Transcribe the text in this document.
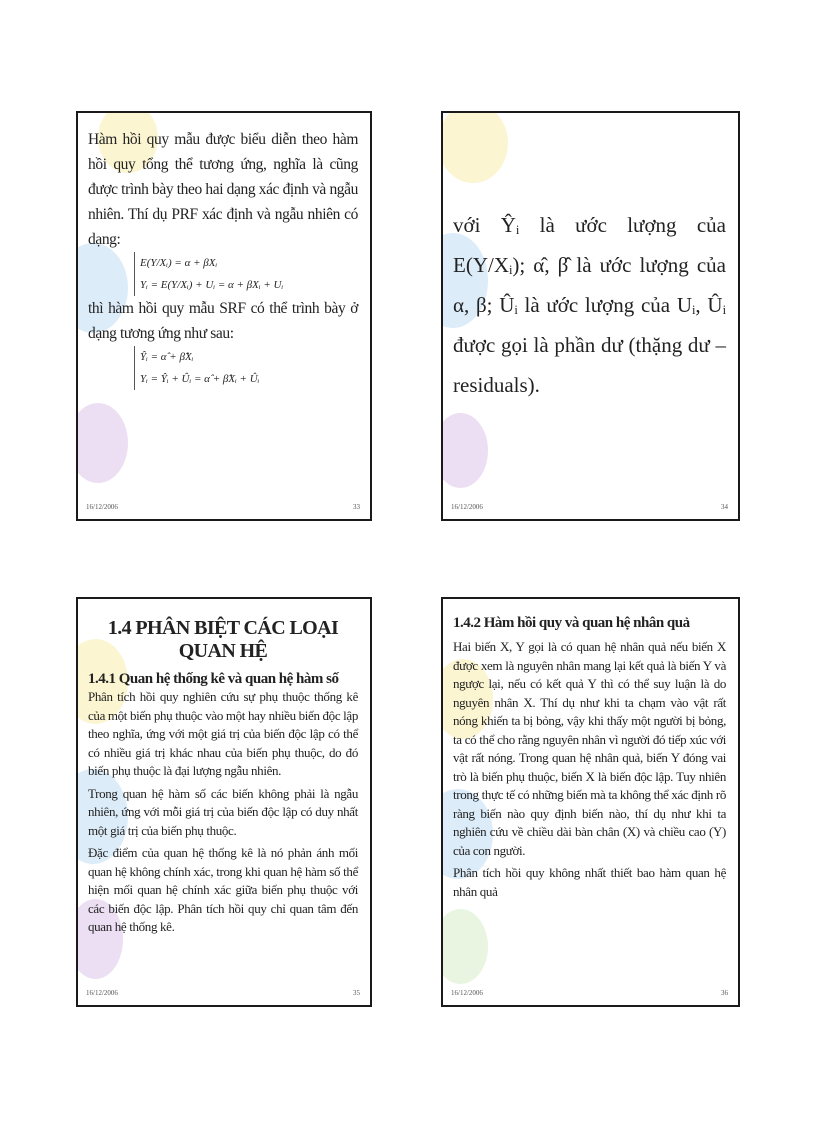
Hàm hồi quy mẫu được biểu diễn theo hàm hồi quy tổng thể tương ứng, nghĩa là cũng được trình bày theo hai dạng xác định và ngẫu nhiên. Thí dụ PRF xác định và ngẫu nhiên có dạng:

E(Y/Xᵢ) = α + βXᵢ
Yᵢ = E(Y/Xᵢ) + Uᵢ = α + βXᵢ + Uᵢ

thì hàm hồi quy mẫu SRF có thể trình bày ở dạng tương ứng như sau:

Ŷᵢ = α̂ + β̂Xᵢ
Yᵢ = Ŷᵢ + Ûᵢ = α̂ + β̂Xᵢ + Ûᵢ
16/12/2006	33

với Ŷᵢ là ước lượng của E(Y/Xᵢ); α̂, β̂ là ước lượng của α, β; Ûᵢ là ước lượng của Uᵢ, Ûᵢ được gọi là phần dư (thặng dư – residuals).

16/12/2006	34
1.4 PHÂN BIỆT CÁC LOẠI QUAN HỆ
1.4.1 Quan hệ thống kê và quan hệ hàm số

Phân tích hồi quy nghiên cứu sự phụ thuộc thống kê của một biến phụ thuộc vào một hay nhiều biến độc lập theo nghĩa, ứng với một giá trị của biến độc lập có thể có nhiều giá trị khác nhau của biến phụ thuộc, do đó biến phụ thuộc là đại lượng ngẫu nhiên.

Trong quan hệ hàm số các biến không phải là ngẫu nhiên, ứng với mỗi giá trị của biến độc lập có duy nhất một giá trị của biến phụ thuộc.

Đặc điểm của quan hệ thống kê là nó phản ánh mối quan hệ không chính xác, trong khi quan hệ hàm số thể hiện mối quan hệ chính xác giữa biến phụ thuộc với các biến độc lập. Phân tích hồi quy chỉ quan tâm đến quan hệ thống kê.

16/12/2006	35
1.4.2 Hàm hồi quy và quan hệ nhân quả

Hai biến X, Y gọi là có quan hệ nhân quả nếu biến X được xem là nguyên nhân mang lại kết quả là biến Y và ngược lại, nếu có kết quả Y thì có thể suy luận là do nguyên nhân X. Thí dụ như khi ta chạm vào vật rất nóng khiến ta bị bỏng, vậy khi thấy một người bị bỏng, ta có thể cho rằng nguyên nhân vì người đó tiếp xúc với vật rất nóng. Trong quan hệ nhân quả, biến Y đóng vai trò là biến phụ thuộc, biến X là biến độc lập. Tuy nhiên trong thực tế có những biến mà ta không thể xác định rõ ràng biến nào quy định biến nào, thí dụ như khi ta nghiên cứu về chiều dài bàn chân (X) và chiều cao (Y) của con người.

Phân tích hồi quy không nhất thiết bao hàm quan hệ nhân quả

16/12/2006	36
